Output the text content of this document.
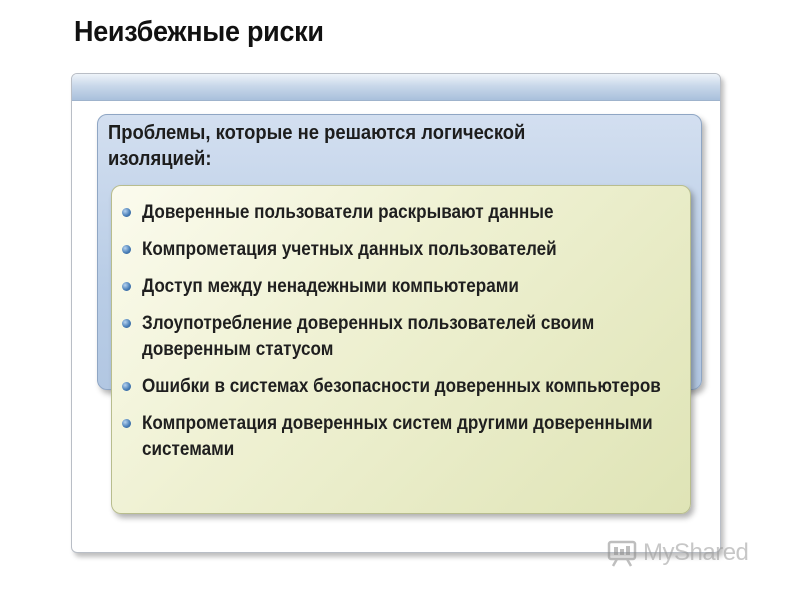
Неизбежные риски
Проблемы, которые не решаются логической изоляцией:
Доверенные пользователи раскрывают данные
Компрометация учетных данных пользователей
Доступ между ненадежными компьютерами
Злоупотребление доверенных пользователей своим доверенным статусом
Ошибки в системах безопасности доверенных компьютеров
Компрометация доверенных систем другими доверенными системами
MyShared
